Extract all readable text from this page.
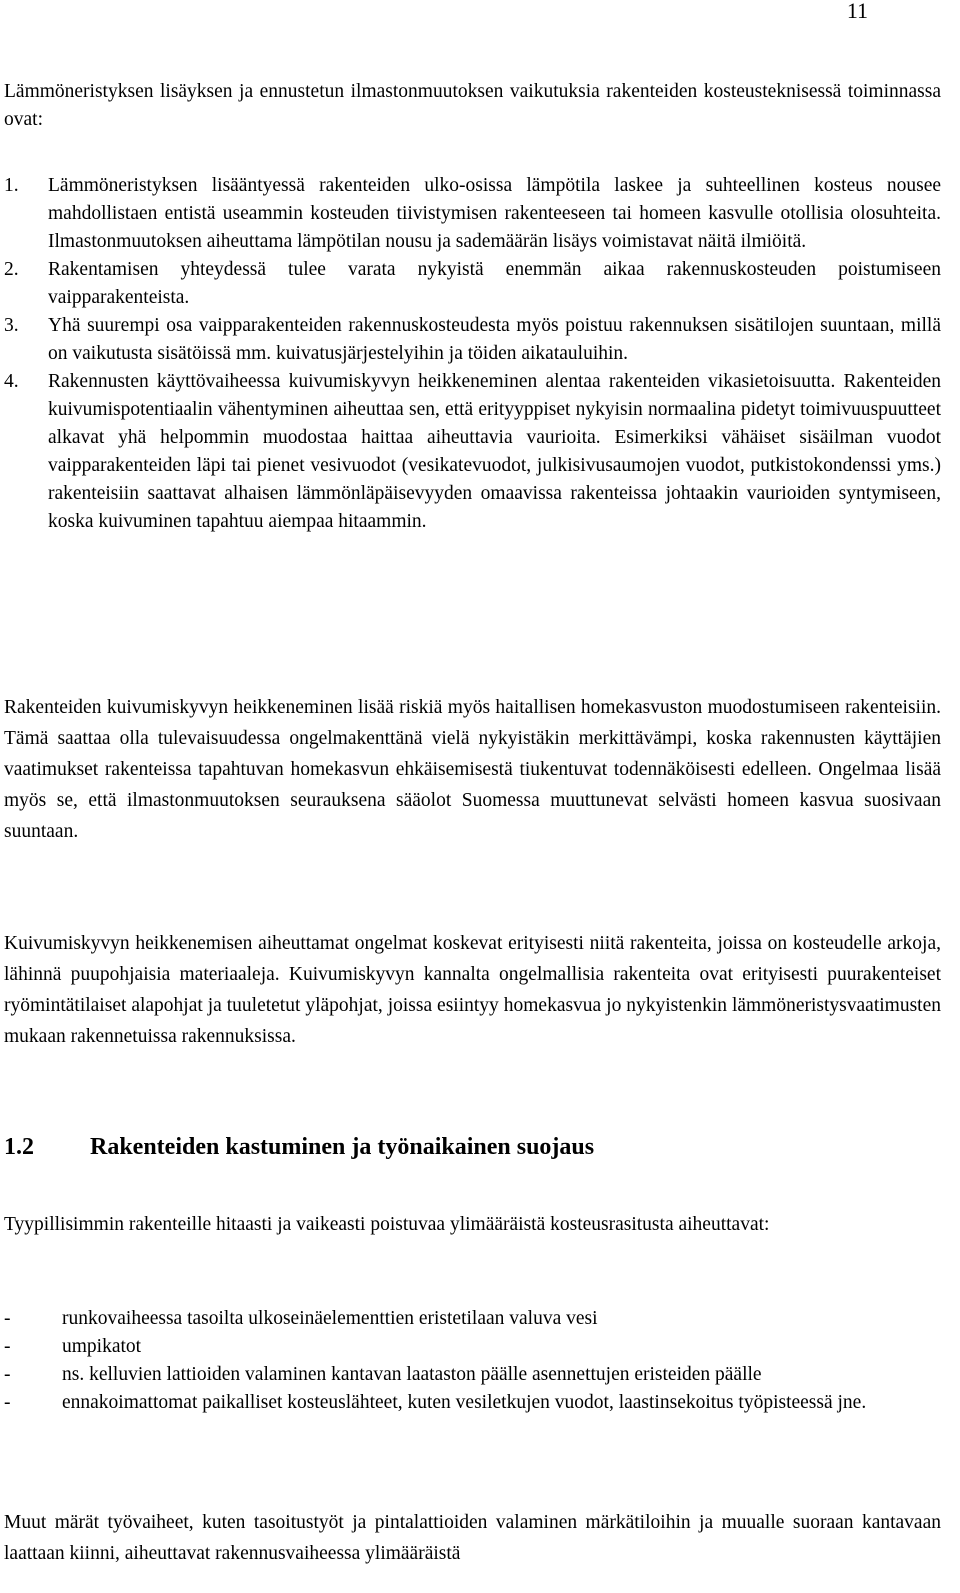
11

Lämmöneristyksen lisäyksen ja ennustetun ilmastonmuutoksen vaikutuksia rakenteiden kosteusteknisessä toiminnassa ovat:

1. Lämmöneristyksen lisääntyessä rakenteiden ulko-osissa lämpötila laskee ja suhteellinen kosteus nousee mahdollistaen entistä useammin kosteuden tiivistymisen rakenteeseen tai homeen kasvulle otollisia olosuhteita. Ilmastonmuutoksen aiheuttama lämpötilan nousu ja sademäärän lisäys voimistavat näitä ilmiöitä.
2. Rakentamisen yhteydessä tulee varata nykyistä enemmän aikaa rakennuskosteuden poistumiseen vaipparakenteista.
3. Yhä suurempi osa vaipparakenteiden rakennuskosteudesta myös poistuu rakennuksen sisätilojen suuntaan, millä on vaikutusta sisätöissä mm. kuivatusjärjestelyihin ja töiden aikatauluihin.
4. Rakennusten käyttövaiheessa kuivumiskyvyn heikkeneminen alentaa rakenteiden vikasietoisuutta. Rakenteiden kuivumispotentiaalin vähentyminen aiheuttaa sen, että erityyppiset nykyisin normaalina pidetyt toimivuuspuutteet alkavat yhä helpommin muodostaa haittaa aiheuttavia vaurioita. Esimerkiksi vähäiset sisäilman vuodot vaipparakenteiden läpi tai pienet vesivuodot (vesikatevuodot, julkisivusaumojen vuodot, putkistokondenssi yms.) rakenteisiin saattavat alhaisen lämmönläpäisevyyden omaavissa rakenteissa johtaakin vaurioiden syntymiseen, koska kuivuminen tapahtuu aiempaa hitaammin.

Rakenteiden kuivumiskyvyn heikkeneminen lisää riskiä myös haitallisen homekasvuston muodostumiseen rakenteisiin. Tämä saattaa olla tulevaisuudessa ongelmakenttänä vielä nykyistäkin merkittävämpi, koska rakennusten käyttäjien vaatimukset rakenteissa tapahtuvan homekasvun ehkäisemisestä tiukentuvat todennäköisesti edelleen. Ongelmaa lisää myös se, että ilmastonmuutoksen seurauksena sääolot Suomessa muuttunevat selvästi homeen kasvua suosivaan suuntaan.

Kuivumiskyvyn heikkenemisen aiheuttamat ongelmat koskevat erityisesti niitä rakenteita, joissa on kosteudelle arkoja, lähinnä puupohjaisia materiaaleja. Kuivumiskyvyn kannalta ongelmallisia rakenteita ovat erityisesti puurakenteiset ryömintätilaiset alapohjat ja tuuletetut yläpohjat, joissa esiintyy homekasvua jo nykyistenkin lämmöneristysvaatimusten mukaan rakennetuissa rakennuksissa.

1.2 Rakenteiden kastuminen ja työnaikainen suojaus

Tyypillisimmin rakenteille hitaasti ja vaikeasti poistuvaa ylimääräistä kosteusrasitusta aiheuttavat:

-	runkovaiheessa tasoilta ulkoseinäelementtien eristetilaan valuva vesi
-	umpikatot
-	ns. kelluvien lattioiden valaminen kantavan laataston päälle asennettujen eristeiden päälle
-	ennakoimattomat paikalliset kosteuslähteet, kuten vesiletkujen vuodot, laastinsekoitus työpisteessä jne.

Muut märät työvaiheet, kuten tasoitustyöt ja pintalattioiden valaminen märkätiloihin ja muualle suoraan kantavaan laattaan kiinni, aiheuttavat rakennusvaiheessa ylimääräistä
